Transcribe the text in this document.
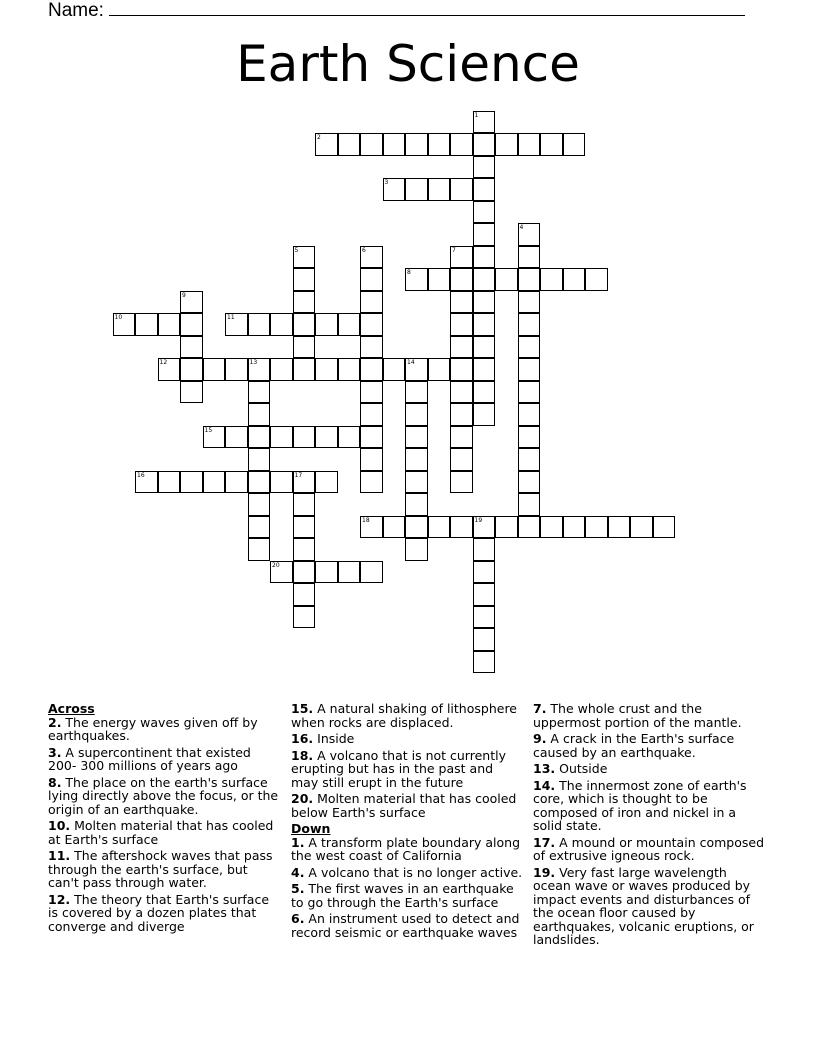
Name:
Earth Science
1
2
3
4
5	6	7
8
9
10	11
12	13	14
15
16	17
18	19
20
Across
2. The energy waves given off by earthquakes.
3. A supercontinent that existed 200- 300 millions of years ago
8. The place on the earth's surface lying directly above the focus, or the origin of an earthquake.
10. Molten material that has cooled at Earth's surface
11. The aftershock waves that pass through the earth's surface, but can't pass through water.
12. The theory that Earth's surface is covered by a dozen plates that converge and diverge
15. A natural shaking of lithosphere when rocks are displaced.
16. Inside
18. A volcano that is not currently erupting but has in the past and may still erupt in the future
20. Molten material that has cooled below Earth's surface
Down
1. A transform plate boundary along the west coast of California
4. A volcano that is no longer active.
5. The first waves in an earthquake to go through the Earth's surface
6. An instrument used to detect and record seismic or earthquake waves
7. The whole crust and the uppermost portion of the mantle.
9. A crack in the Earth's surface caused by an earthquake.
13. Outside
14. The innermost zone of earth's core, which is thought to be composed of iron and nickel in a solid state.
17. A mound or mountain composed of extrusive igneous rock.
19. Very fast large wavelength ocean wave or waves produced by impact events and disturbances of the ocean floor caused by earthquakes, volcanic eruptions, or landslides.
